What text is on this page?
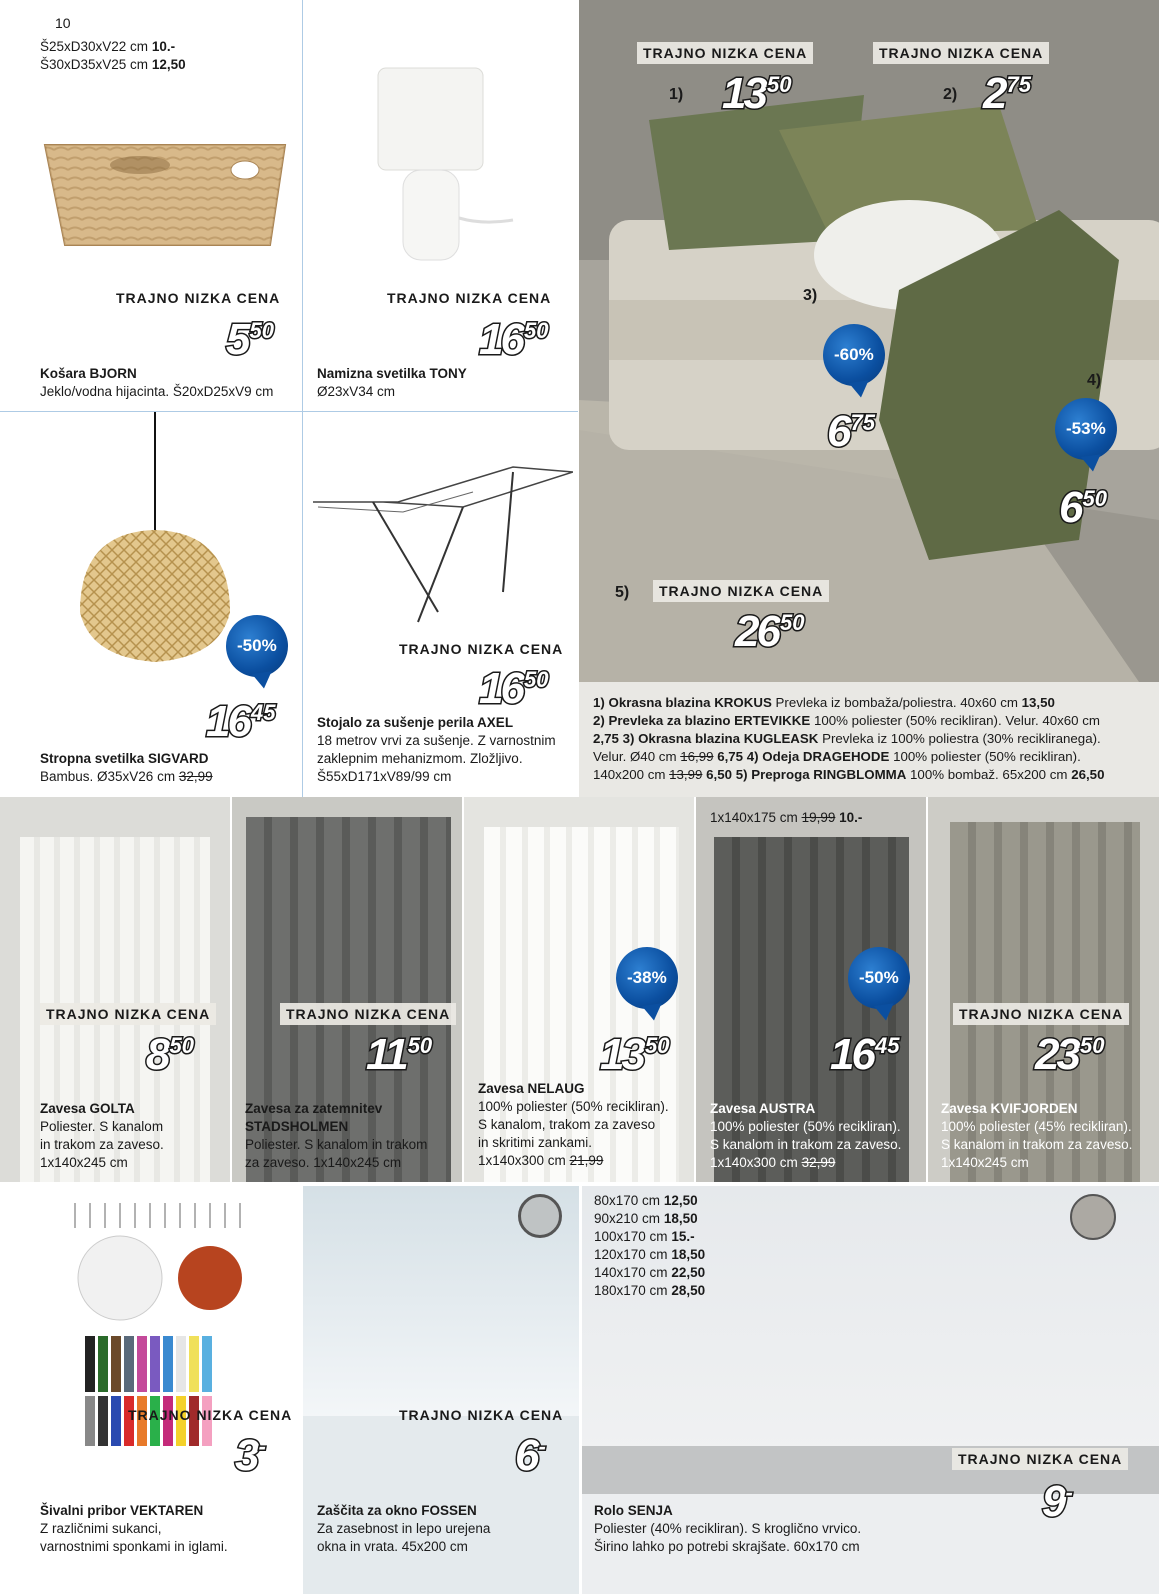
10
Š25xD30xV22 cm 10.-
Š30xD35xV25 cm 12,50
TRAJNO NIZKA CENA
550
Košara BJORN
Jeklo/vodna hijacinta. Š20xD25xV9 cm
TRAJNO NIZKA CENA
1650
Namizna svetilka TONY
Ø23xV34 cm
-50%
1645
Stropna svetilka SIGVARD
Bambus. Ø35xV26 cm 32,99
TRAJNO NIZKA CENA
1650
Stojalo za sušenje perila AXEL
18 metrov vrvi za sušenje. Z varnostnim
zaklepnim mehanizmom. Zložljivo.
Š55xD171xV89/99 cm
1)
TRAJNO NIZKA CENA
1350	2)
TRAJNO NIZKA CENA
275
3)
-60%
675
4)
-53%
650
5)	TRAJNO NIZKA CENA
2650
1) Okrasna blazina KROKUS Prevleka iz bombaža/poliestra. 40x60 cm 13,50
2) Prevleka za blazino ERTEVIKKE 100% poliester (50% recikliran). Velur. 40x60 cm
2,75 3) Okrasna blazina KUGLEASK Prevleka iz 100% poliestra (30% recikliranega).
Velur. Ø40 cm 16,99 6,75 4) Odeja DRAGEHODE 100% poliester (50% recikliran).
140x200 cm 13,99 6,50 5) Preproga RINGBLOMMA 100% bombaž. 65x200 cm 26,50
TRAJNO NIZKA CENA
850
Zavesa GOLTA
Poliester. S kanalom
in trakom za zaveso.
1x140x245 cm
TRAJNO NIZKA CENA
1150
Zavesa za zatemnitev
STADSHOLMEN
Poliester. S kanalom in trakom
za zaveso. 1x140x245 cm
-38%
1350
Zavesa NELAUG
100% poliester (50% recikliran).
S kanalom, trakom za zaveso
in skritimi zankami.
1x140x300 cm 21,99
1x140x175 cm 19,99 10.-
-50%
1645
Zavesa AUSTRA
100% poliester (50% recikliran).
S kanalom in trakom za zaveso.
1x140x300 cm 32,99
TRAJNO NIZKA CENA
2350
Zavesa KVIFJORDEN
100% poliester (45% recikliran).
S kanalom in trakom za zaveso.
1x140x245 cm
TRAJNO NIZKA CENA
3-
Šivalni pribor VEKTAREN
Z različnimi sukanci,
varnostnimi sponkami in iglami.
TRAJNO NIZKA CENA
6-
Zaščita za okno FOSSEN
Za zasebnost in lepo urejena
okna in vrata. 45x200 cm
80x170 cm 12,50
90x210 cm 18,50
100x170 cm 15.-
120x170 cm 18,50
140x170 cm 22,50
180x170 cm 28,50
TRAJNO NIZKA CENA
9-
Rolo SENJA
Poliester (40% recikliran). S kroglično vrvico.
Širino lahko po potrebi skrajšate. 60x170 cm
